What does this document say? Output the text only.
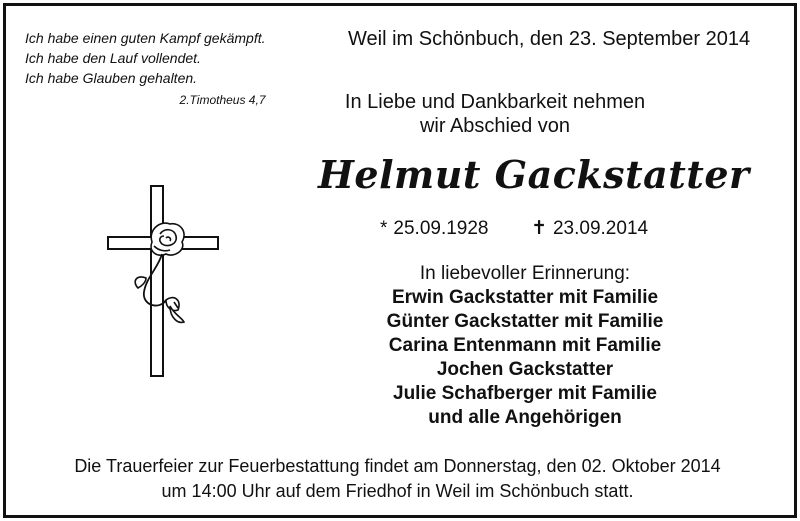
Ich habe einen guten Kampf gekämpft.
Ich habe den Lauf vollendet.
Ich habe Glauben gehalten.
2.Timotheus 4,7
Weil im Schönbuch, den 23. September 2014
In Liebe und Dankbarkeit nehmen
wir Abschied von
Helmut Gackstatter
* 25.09.1928 ✝ 23.09.2014
In liebevoller Erinnerung:
Erwin Gackstatter mit Familie
Günter Gackstatter mit Familie
Carina Entenmann mit Familie
Jochen Gackstatter
Julie Schafberger mit Familie
und alle Angehörigen
Die Trauerfeier zur Feuerbestattung findet am Donnerstag, den 02. Oktober 2014
um 14:00 Uhr auf dem Friedhof in Weil im Schönbuch statt.
